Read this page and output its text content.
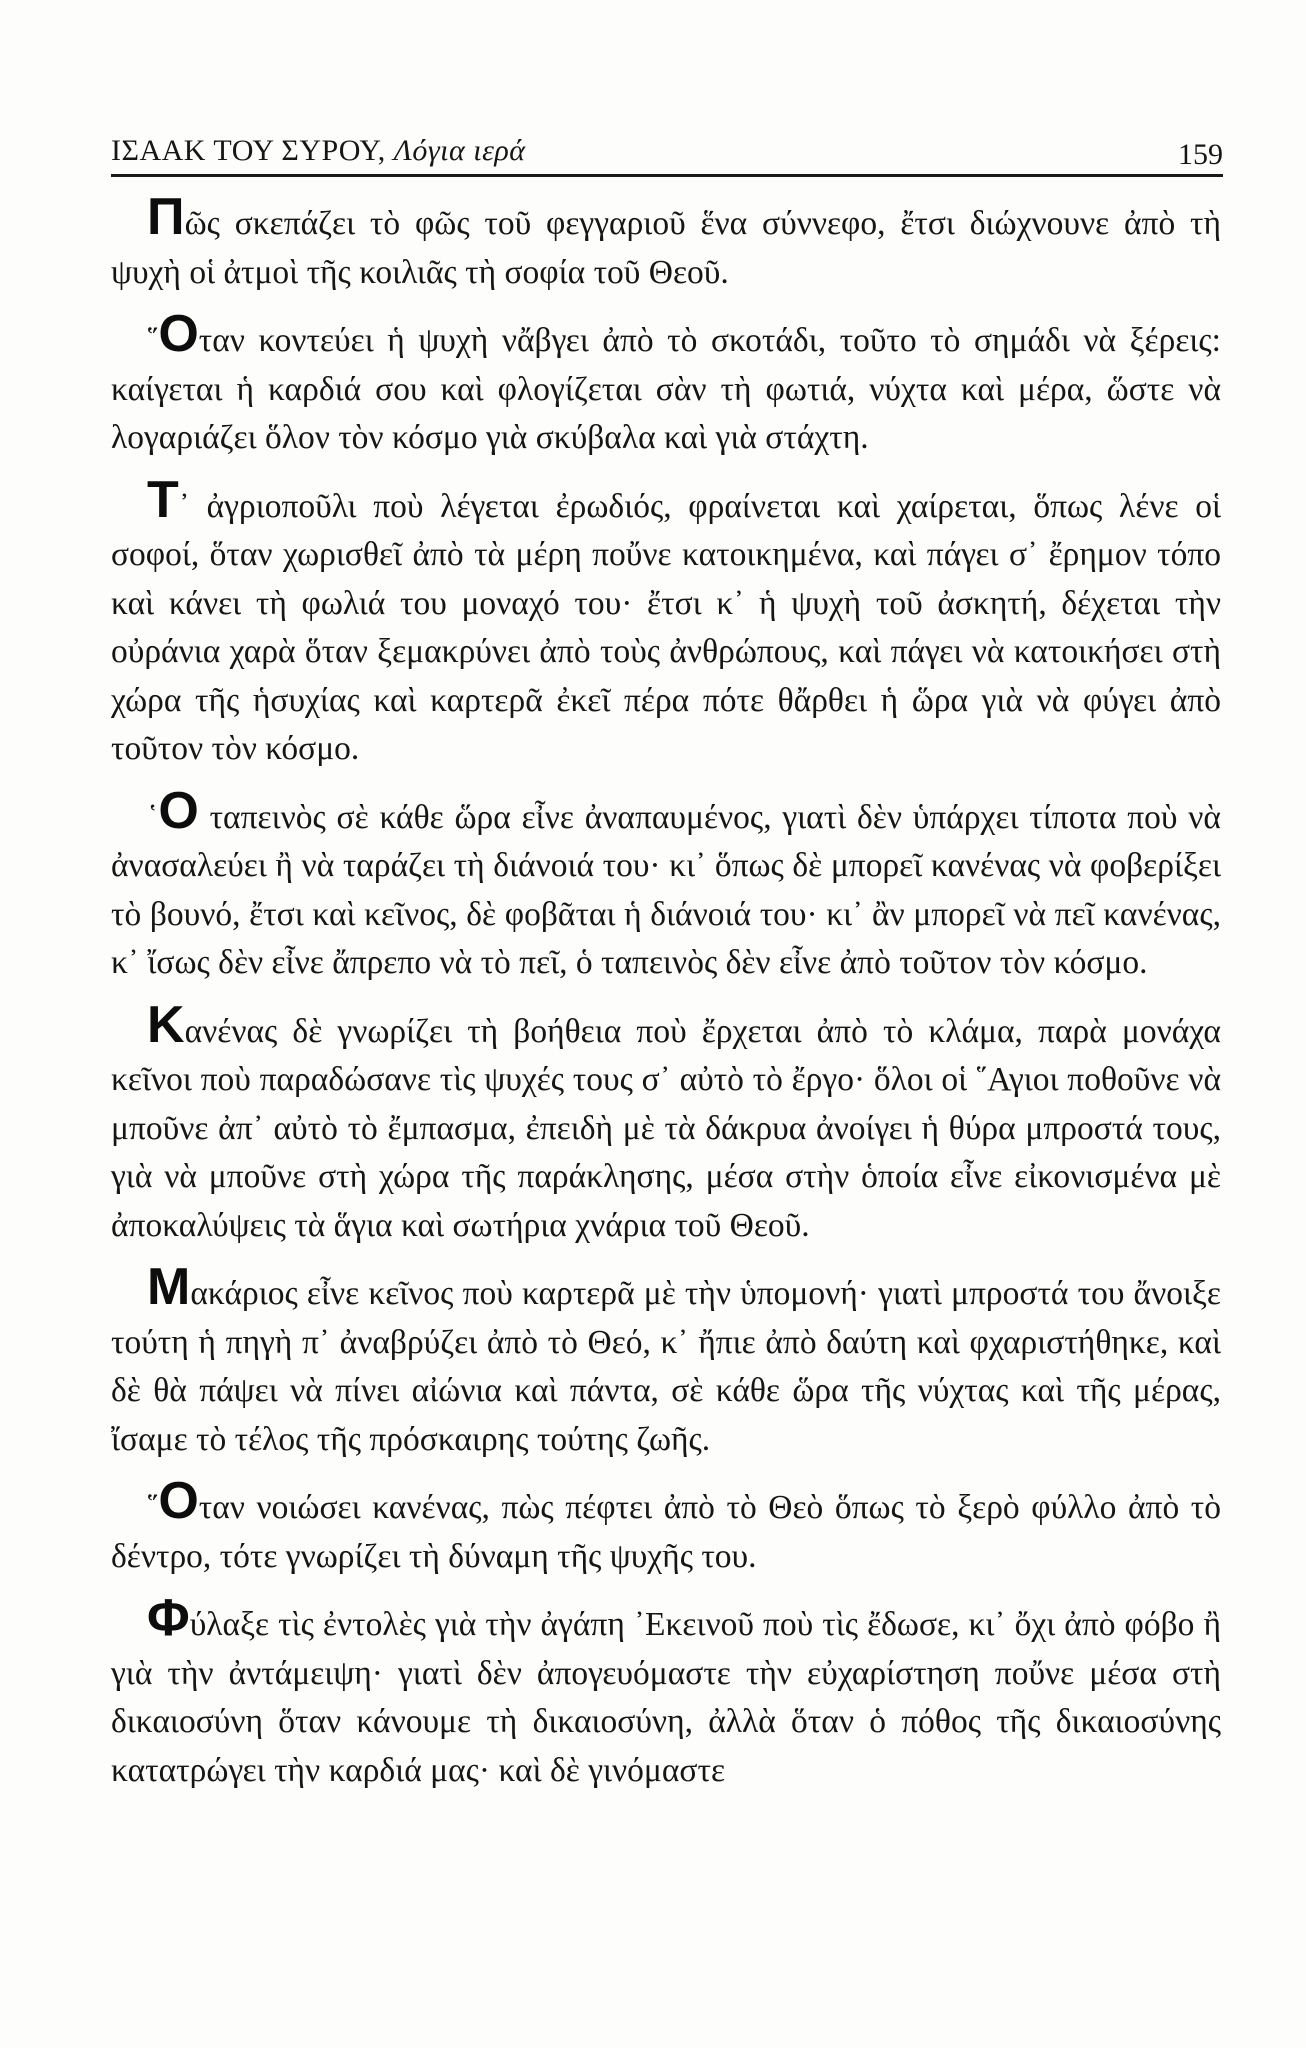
ΙΣΑΑΚ ΤΟΥ ΣΥΡΟΥ, Λόγια ιερά	159

Πῶς σκεπάζει τὸ φῶς τοῦ φεγγαριοῦ ἕνα σύννεφο, ἔτσι διώχνουνε ἀπὸ τὴ ψυχὴ οἱ ἀτμοὶ τῆς κοιλιᾶς τὴ σοφία τοῦ Θεοῦ.

῞Οταν κοντεύει ἡ ψυχὴ νἄβγει ἀπὸ τὸ σκοτάδι, τοῦτο τὸ σημάδι νὰ ξέρεις: καίγεται ἡ καρδιά σου καὶ φλογίζεται σὰν τὴ φωτιά, νύχτα καὶ μέρα, ὥστε νὰ λογαριάζει ὅλον τὸν κόσμο γιὰ σκύβαλα καὶ γιὰ στάχτη.

Τ᾿ ἀγριοποῦλι ποὺ λέγεται ἐρωδιός, φραίνεται καὶ χαίρεται, ὅπως λένε οἱ σοφοί, ὅταν χωρισθεῖ ἀπὸ τὰ μέρη ποὔνε κατοικημένα, καὶ πάγει σ᾿ ἔρημον τόπο καὶ κάνει τὴ φωλιά του μοναχό του· ἔτσι κ᾿ ἡ ψυχὴ τοῦ ἀσκητή, δέχεται τὴν οὐράνια χαρὰ ὅταν ξεμακρύνει ἀπὸ τοὺς ἀνθρώπους, καὶ πάγει νὰ κατοικήσει στὴ χώρα τῆς ἡσυχίας καὶ καρτερᾶ ἐκεῖ πέρα πότε θἄρθει ἡ ὥρα γιὰ νὰ φύγει ἀπὸ τοῦτον τὸν κόσμο.

῾Ο ταπεινὸς σὲ κάθε ὥρα εἶνε ἀναπαυμένος, γιατὶ δὲν ὑπάρχει τίποτα ποὺ νὰ ἀνασαλεύει ἢ νὰ ταράζει τὴ διάνοιά του· κι᾿ ὅπως δὲ μπορεῖ κανένας νὰ φοβερίξει τὸ βουνό, ἔτσι καὶ κεῖνος, δὲ φοβᾶται ἡ διάνοιά του· κι᾿ ἂν μπορεῖ νὰ πεῖ κανένας, κ᾿ ἴσως δὲν εἶνε ἄπρεπο νὰ τὸ πεῖ, ὁ ταπεινὸς δὲν εἶνε ἀπὸ τοῦτον τὸν κόσμο.

Κανένας δὲ γνωρίζει τὴ βοήθεια ποὺ ἔρχεται ἀπὸ τὸ κλάμα, παρὰ μονάχα κεῖνοι ποὺ παραδώσανε τὶς ψυχές τους σ᾿ αὐτὸ τὸ ἔργο· ὅλοι οἱ ῞Αγιοι ποθοῦνε νὰ μποῦνε ἀπ᾿ αὐτὸ τὸ ἔμπασμα, ἐπειδὴ μὲ τὰ δάκρυα ἀνοίγει ἡ θύρα μπροστά τους, γιὰ νὰ μποῦνε στὴ χώρα τῆς παράκλησης, μέσα στὴν ὁποία εἶνε εἰκονισμένα μὲ ἀποκαλύψεις τὰ ἅγια καὶ σωτήρια χνάρια τοῦ Θεοῦ.

Μακάριος εἶνε κεῖνος ποὺ καρτερᾶ μὲ τὴν ὑπομονή· γιατὶ μπροστά του ἄνοιξε τούτη ἡ πηγὴ π᾿ ἀναβρύζει ἀπὸ τὸ Θεό, κ᾿ ἤπιε ἀπὸ δαύτη καὶ φχαριστήθηκε, καὶ δὲ θὰ πάψει νὰ πίνει αἰώνια καὶ πάντα, σὲ κάθε ὥρα τῆς νύχτας καὶ τῆς μέρας, ἴσαμε τὸ τέλος τῆς πρόσκαιρης τούτης ζωῆς.

῞Οταν νοιώσει κανένας, πὼς πέφτει ἀπὸ τὸ Θεὸ ὅπως τὸ ξερὸ φύλλο ἀπὸ τὸ δέντρο, τότε γνωρίζει τὴ δύναμη τῆς ψυχῆς του.

Φύλαξε τὶς ἐντολὲς γιὰ τὴν ἀγάπη ᾿Εκεινοῦ ποὺ τὶς ἔδωσε, κι᾿ ὄχι ἀπὸ φόβο ἢ γιὰ τὴν ἀντάμειψη· γιατὶ δὲν ἀπογευόμαστε τὴν εὐχαρίστηση ποὔνε μέσα στὴ δικαιοσύνη ὅταν κάνουμε τὴ δικαιοσύνη, ἀλλὰ ὅταν ὁ πόθος τῆς δικαιοσύνης κατατρώγει τὴν καρδιά μας· καὶ δὲ γινόμαστε
